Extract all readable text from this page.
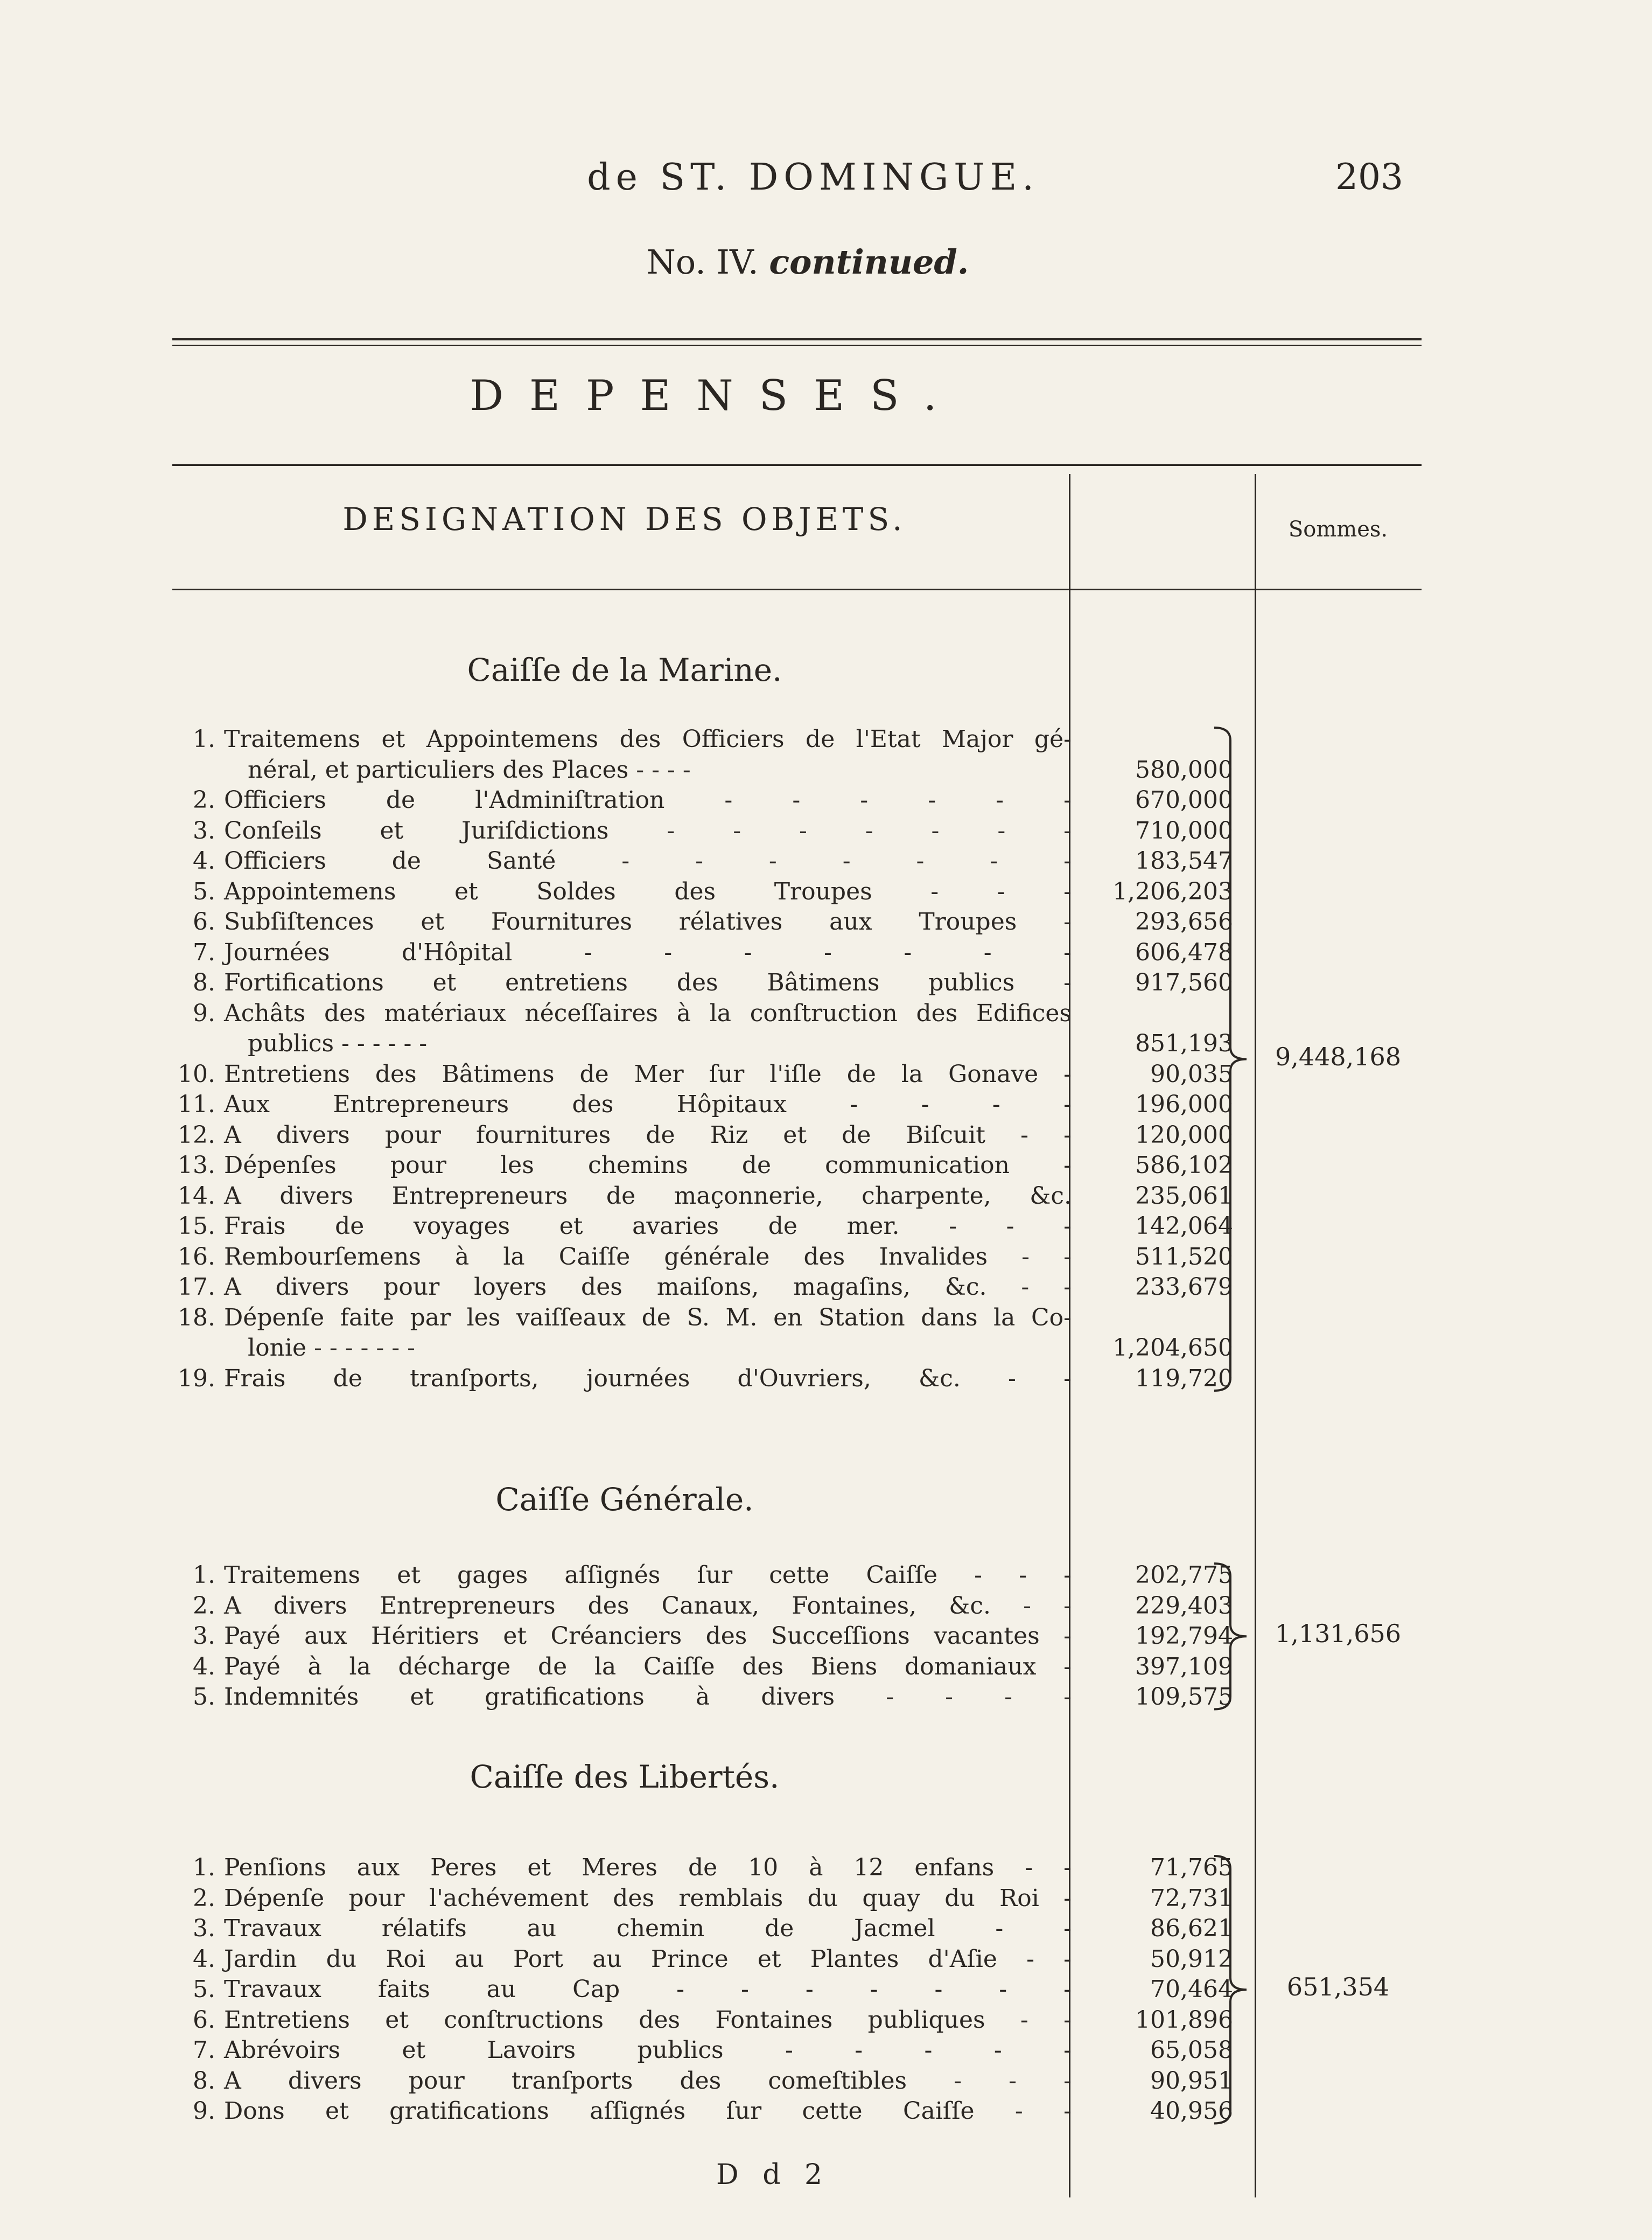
de ST. DOMINGUE.	203
No. IV. continued.
DEPENSES.
DESIGNATION DES OBJETS.	Sommes.
Caiſſe de la Marine.
1. Traitemens et Appointemens des Officiers de l'Etat Major gé-
néral, et particuliers des Places - - - -	580,000
2. Officiers de l'Adminiſtration - - - - - -	670,000
3. Conſeils et Juriſdictions - - - - - - -	710,000
4. Officiers de Santé - - - - - - -	183,547
5. Appointemens et Soldes des Troupes - - -	1,206,203
6. Subſiſtences et Fournitures rélatives aux Troupes -	293,656
7. Journées d'Hôpital - - - - - - -	606,478
8. Fortifications et entretiens des Bâtimens publics -	917,560
9. Achâts des matériaux néceſſaires à la conſtruction des Edifices
publics - - - - - -	851,193
10. Entretiens des Bâtimens de Mer ſur l'iſle de la Gonave -	90,035
11. Aux Entrepreneurs des Hôpitaux - - - -	196,000
12. A divers pour fournitures de Riz et de Biſcuit - -	120,000
13. Dépenſes pour les chemins de communication -	586,102
14. A divers Entrepreneurs de maçonnerie, charpente, &c.	235,061
15. Frais de voyages et avaries de mer. - - -	142,064
16. Rembourſemens à la Caiſſe générale des Invalides - -	511,520
17. A divers pour loyers des maiſons, magaſins, &c. - -	233,679
18. Dépenſe faite par les vaiſſeaux de S. M. en Station dans la Co-
lonie - - - - - - -	1,204,650
19. Frais de tranſports, journées d'Ouvriers, &c. - -	119,720
9,448,168
Caiſſe Générale.
1. Traitemens et gages aſſignés ſur cette Caiſſe - - -	202,775
2. A divers Entrepreneurs des Canaux, Fontaines, &c. - -	229,403
3. Payé aux Héritiers et Créanciers des Succeſſions vacantes -	192,794
4. Payé à la décharge de la Caiſſe des Biens domaniaux -	397,109
5. Indemnités et gratifications à divers - - - -	109,575
1,131,656
Caiſſe des Libertés.
1. Penſions aux Peres et Meres de 10 à 12 enfans - -	71,765
2. Dépenſe pour l'achévement des remblais du quay du Roi -	72,731
3. Travaux rélatifs au chemin de Jacmel - -	86,621
4. Jardin du Roi au Port au Prince et Plantes d'Aſie - -	50,912
5. Travaux faits au Cap - - - - - - -	70,464
6. Entretiens et conſtructions des Fontaines publiques - -	101,896
7. Abrévoirs et Lavoirs publics - - - - -	65,058
8. A divers pour tranſports des comeſtibles - - -	90,951
9. Dons et gratifications aſſignés ſur cette Caiſſe - -	40,956
651,354
D d 2
